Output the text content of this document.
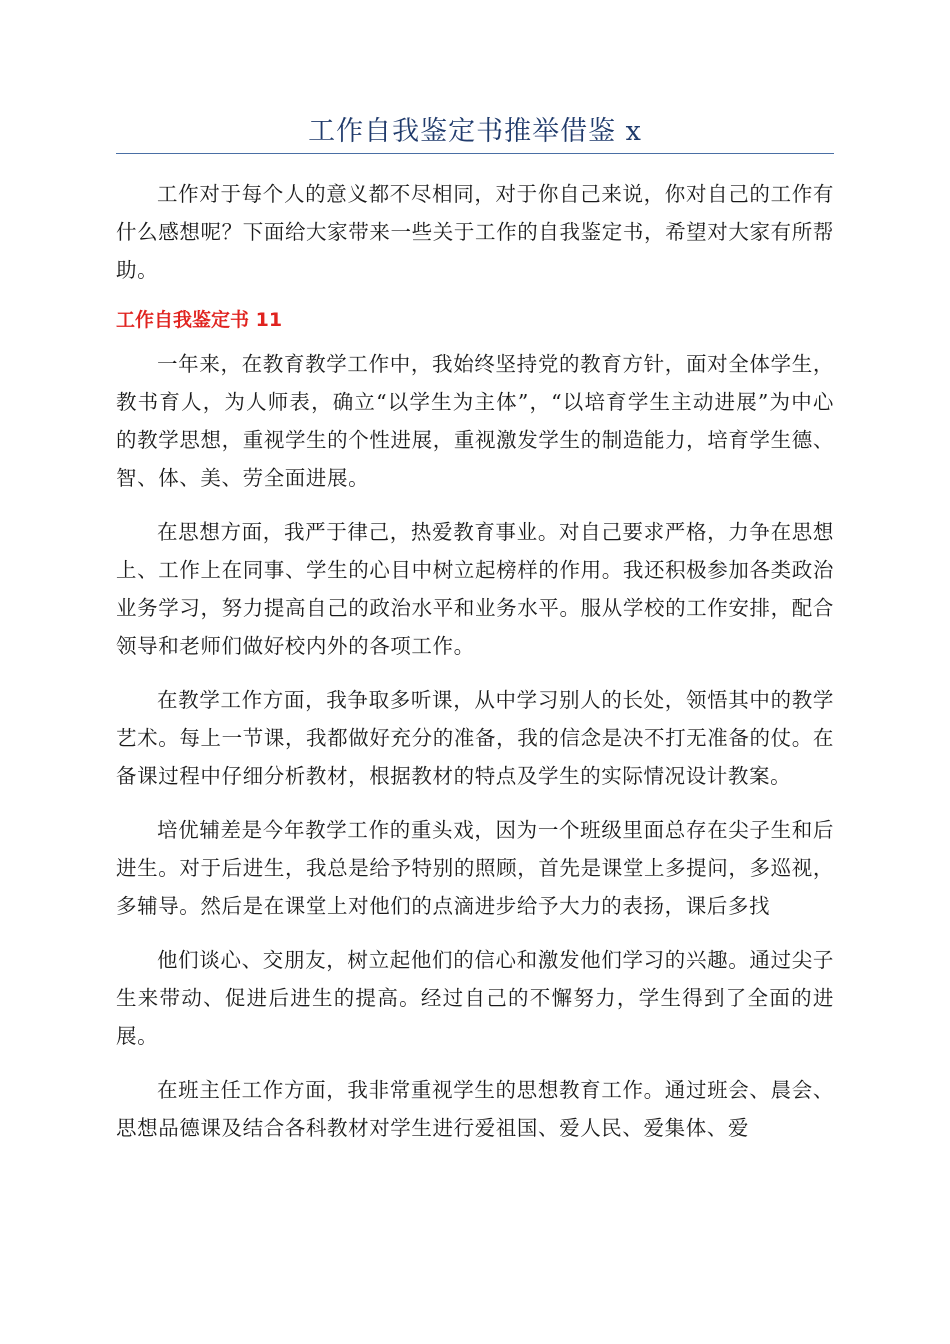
工作自我鉴定书推举借鉴 x

工作对于每个人的意义都不尽相同，对于你自己来说，你对自己的工作有什么感想呢？下面给大家带来一些关于工作的自我鉴定书，希望对大家有所帮助。

工作自我鉴定书 11

一年来，在教育教学工作中，我始终坚持党的教育方针，面对全体学生，教书育人，为人师表，确立“以学生为主体”，“以培育学生主动进展”为中心的教学思想，重视学生的个性进展，重视激发学生的制造能力，培育学生德、智、体、美、劳全面进展。

在思想方面，我严于律己，热爱教育事业。对自己要求严格，力争在思想上、工作上在同事、学生的心目中树立起榜样的作用。我还积极参加各类政治业务学习，努力提高自己的政治水平和业务水平。服从学校的工作安排，配合领导和老师们做好校内外的各项工作。

在教学工作方面，我争取多听课，从中学习别人的长处，领悟其中的教学艺术。每上一节课，我都做好充分的准备，我的信念是决不打无准备的仗。在备课过程中仔细分析教材，根据教材的特点及学生的实际情况设计教案。

培优辅差是今年教学工作的重头戏，因为一个班级里面总存在尖子生和后进生。对于后进生，我总是给予特别的照顾，首先是课堂上多提问，多巡视，多辅导。然后是在课堂上对他们的点滴进步给予大力的表扬，课后多找

他们谈心、交朋友，树立起他们的信心和激发他们学习的兴趣。通过尖子生来带动、促进后进生的提高。经过自己的不懈努力，学生得到了全面的进展。

在班主任工作方面，我非常重视学生的思想教育工作。通过班会、晨会、思想品德课及结合各科教材对学生进行爱祖国、爱人民、爱集体、爱
